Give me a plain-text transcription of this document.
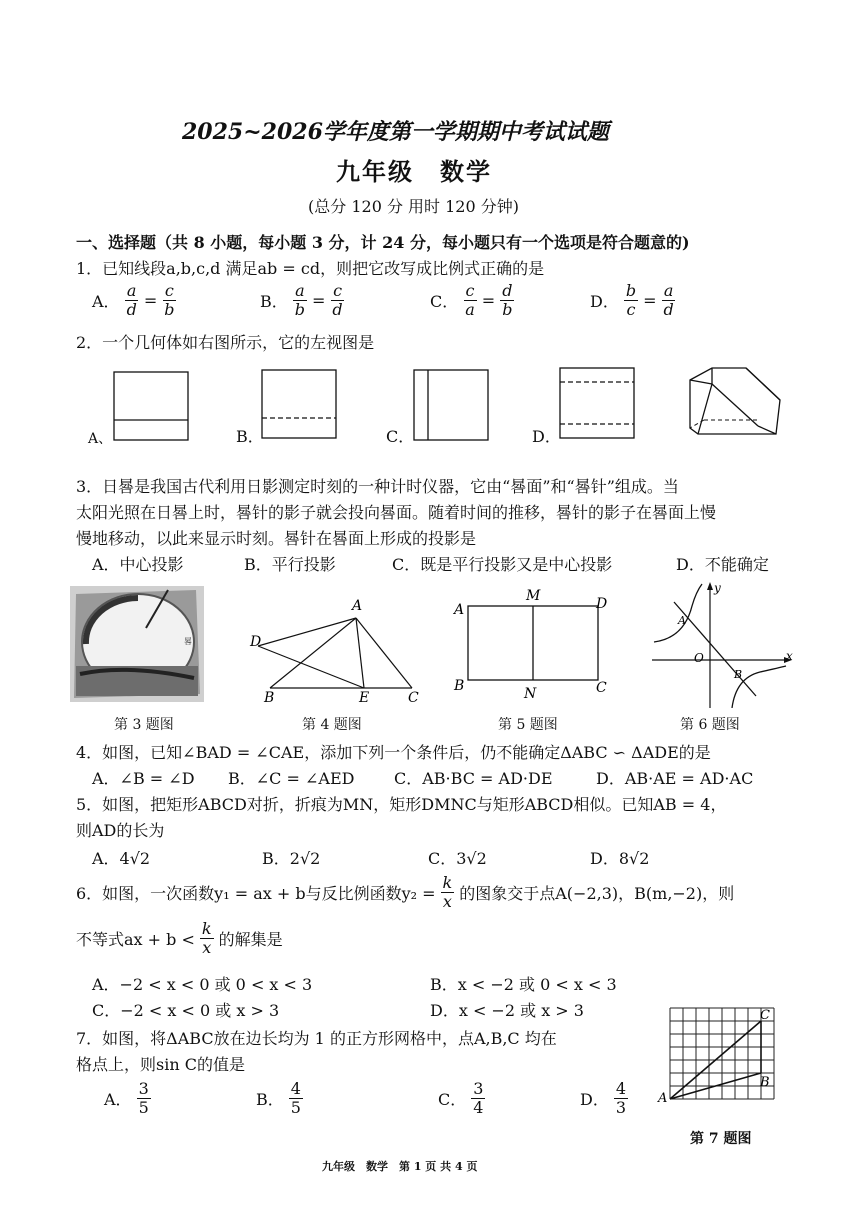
2025~2026学年度第一学期期中考试试题
九年级　数学
(总分 120 分 用时 120 分钟)
一、选择题（共 8 小题，每小题 3 分，计 24 分，每小题只有一个选项是符合题意的)
1．已知线段a,b,c,d 满足ab = cd，则把它改写成比例式正确的是
A． $\frac{a}{d} = \frac{c}{b}$	B． $\frac{a}{b} = \frac{c}{d}$	C． $\frac{c}{a} = \frac{d}{b}$	D． $\frac{b}{c} = \frac{a}{d}$
2．一个几何体如右图所示，它的左视图是
A、	B．	C．	D．
3．日晷是我国古代利用日影测定时刻的一种计时仪器，它由“晷面”和“晷针”组成。当
太阳光照在日晷上时，晷针的影子就会投向晷面。随着时间的推移，晷针的影子在晷面上慢
慢地移动，以此来显示时刻。晷针在晷面上形成的投影是
A．中心投影	B．平行投影	C．既是平行投影又是中心投影	D．不能确定
晷
A
D
B	E	C
A
M	D
B	N	C
y
x
O
A
B
第 3 题图	第 4 题图	第 5 题图	第 6 题图
4．如图，已知∠BAD = ∠CAE，添加下列一个条件后，仍不能确定ΔABC ∽ ΔADE的是
A．∠B = ∠D B．∠C = ∠AED C．AB·BC = AD·DE	D．AB·AE = AD·AC
5．如图，把矩形ABCD对折，折痕为MN，矩形DMNC与矩形ABCD相似。已知AB = 4，
则AD的长为
A．4√2	B．2√2	C．3√2	D．8√2
6．如图，一次函数y₁ = ax + b与反比例函数$y_2 = \frac{k}{x}$ 的图象交于点A(−2,3)，B(m,−2)，则
不等式ax + $b < \frac{k}{x}$ 的解集是
A．−2 < x < 0 或 0 < x < 3	B．x < −2 或 0 < x < 3
C．−2 < x < 0 或 x > 3	D．x < −2 或 x > 3
7．如图，将ΔABC放在边长均为 1 的正方形网格中，点A,B,C 均在
格点上，则sin C的值是
A． $\frac{3}{5}$	B． $\frac{4}{5}$	C． $\frac{3}{4}$	D． $\frac{4}{3}$ A
C
B
第 7 题图
九年级　数学　第 1 页 共 4 页
